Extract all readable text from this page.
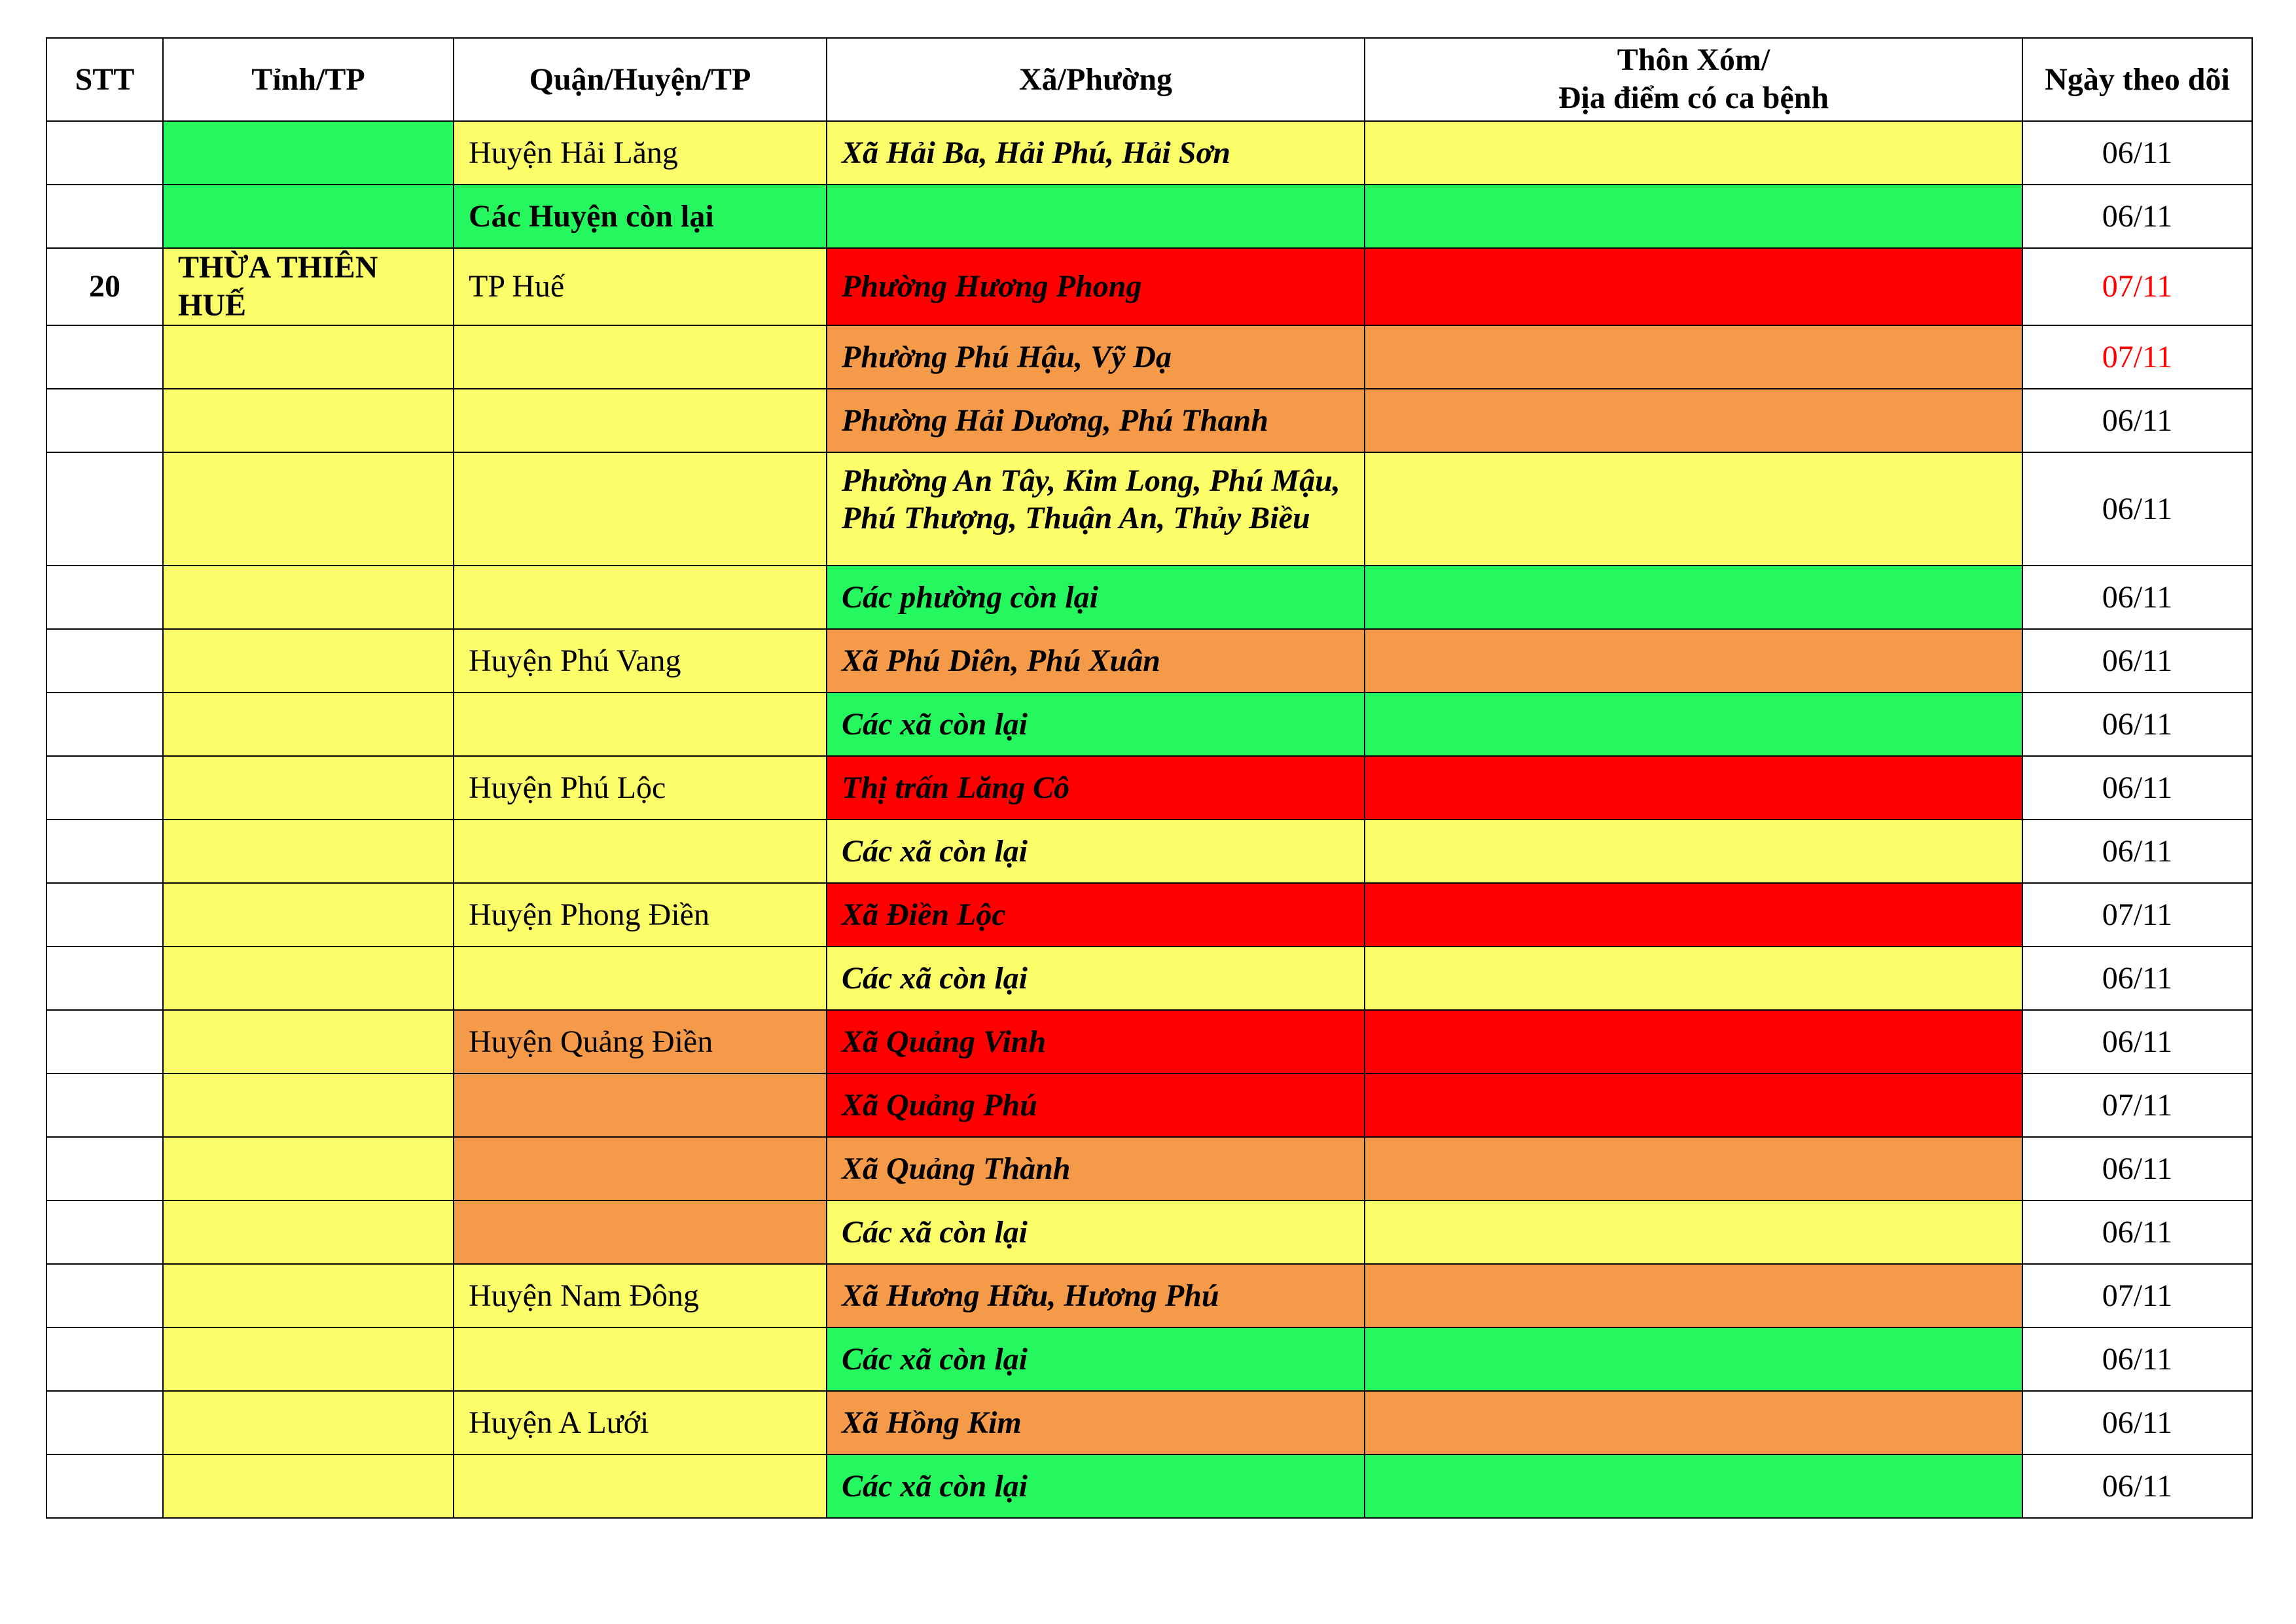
STT	Tỉnh/TP	Quận/Huyện/TP	Xã/Phường	Thôn Xóm/
Địa điểm có ca bệnh	Ngày theo dõi
		Huyện Hải Lăng	Xã Hải Ba, Hải Phú, Hải Sơn		06/11
		Các Huyện còn lại			06/11
20	THỪA THIÊN HUẾ	TP Huế	Phường Hương Phong		07/11
			Phường Phú Hậu, Vỹ Dạ		07/11
			Phường Hải Dương, Phú Thanh		06/11
			Phường An Tây, Kim Long, Phú Mậu, Phú Thượng, Thuận An, Thủy Biều		06/11
			Các phường còn lại		06/11
		Huyện Phú Vang	Xã Phú Diên, Phú Xuân		06/11
			Các xã còn lại		06/11
		Huyện Phú Lộc	Thị trấn Lăng Cô		06/11
			Các xã còn lại		06/11
		Huyện Phong Điền	Xã Điền Lộc		07/11
			Các xã còn lại		06/11
		Huyện Quảng Điền	Xã Quảng Vinh		06/11
			Xã Quảng Phú		07/11
			Xã Quảng Thành		06/11
			Các xã còn lại		06/11
		Huyện Nam Đông	Xã Hương Hữu, Hương Phú		07/11
			Các xã còn lại		06/11
		Huyện A Lưới	Xã Hồng Kim		06/11
			Các xã còn lại		06/11
